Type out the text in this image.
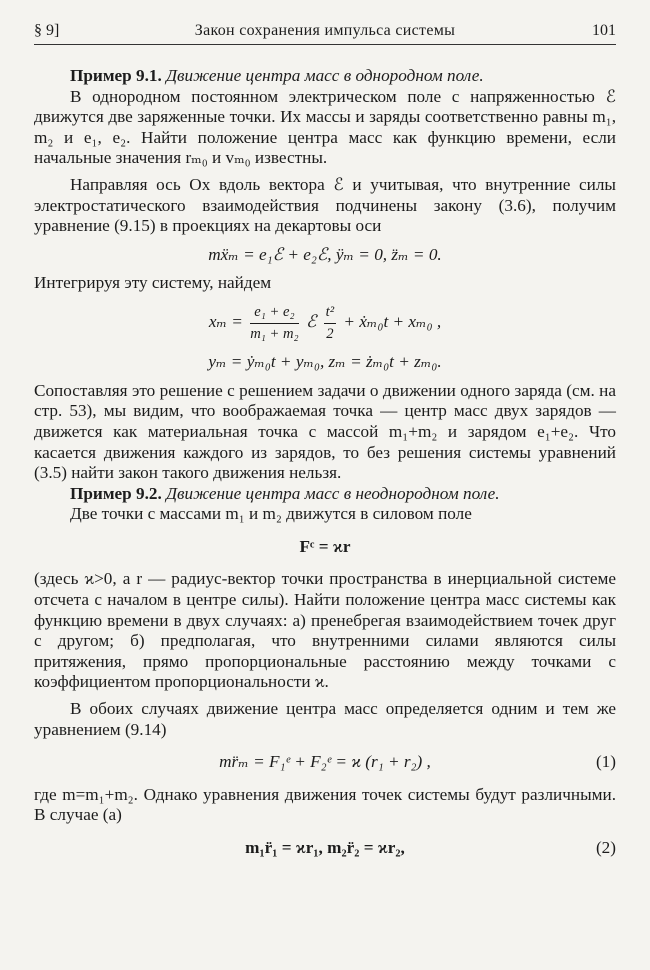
§ 9]	Закон сохранения импульса системы	101

Пример 9.1. Движение центра масс в однородном поле.

В однородном постоянном электрическом поле с напряженностью ℰ движутся две заряженные точки. Их массы и заряды соответственно равны m₁, m₂ и e₁, e₂. Найти положение центра масс как функцию времени, если начальные значения rₘ₀ и vₘ₀ известны.

Направляя ось Ox вдоль вектора ℰ и учитывая, что внутренние силы электростатического взаимодействия подчинены закону (3.6), получим уравнение (9.15) в проекциях на декартовы оси

mẍₘ = e₁ℰ + e₂ℰ, ÿₘ = 0, z̈ₘ = 0.

Интегрируя эту систему, найдем

$x_m = \frac{\text{e₁ + e₂}}{\text{m₁ + m₂}}$ ℰ $\frac{\text{t²}}{2}$ + ẋₘ₀t + xₘ₀ ,
yₘ = ẏₘ₀t + yₘ₀, zₘ = żₘ₀t + zₘ₀.

Сопоставляя это решение с решением задачи о движении одного заряда (см. на стр. 53), мы видим, что воображаемая точка — центр масс двух зарядов — движется как материальная точка с массой m₁+m₂ и зарядом e₁+e₂. Что касается движения каждого из зарядов, то без решения системы уравнений (3.5) найти закон такого движения нельзя.

Пример 9.2. Движение центра масс в неоднородном поле.

Две точки с массами m₁ и m₂ движутся в силовом поле

Fᶜ = ϰr

(здесь ϰ>0, а r — радиус-вектор точки пространства в инерциальной системе отсчета с началом в центре силы). Найти положение центра масс системы как функцию времени в двух случаях: а) пренебрегая взаимодействием точек друг с другом; б) предполагая, что внутренними силами являются силы притяжения, прямо пропорциональные расстоянию между точками с коэффициентом пропорциональности ϰ.

В обоих случаях движение центра масс определяется одним и тем же уравнением (9.14)

mr̈ₘ = F₁ᵉ + F₂ᵉ = ϰ (r₁ + r₂) ,	(1)

где m=m₁+m₂. Однако уравнения движения точек системы будут различными. В случае (а)

m₁r̈₁ = ϰr₁, m₂r̈₂ = ϰr₂,	(2)
